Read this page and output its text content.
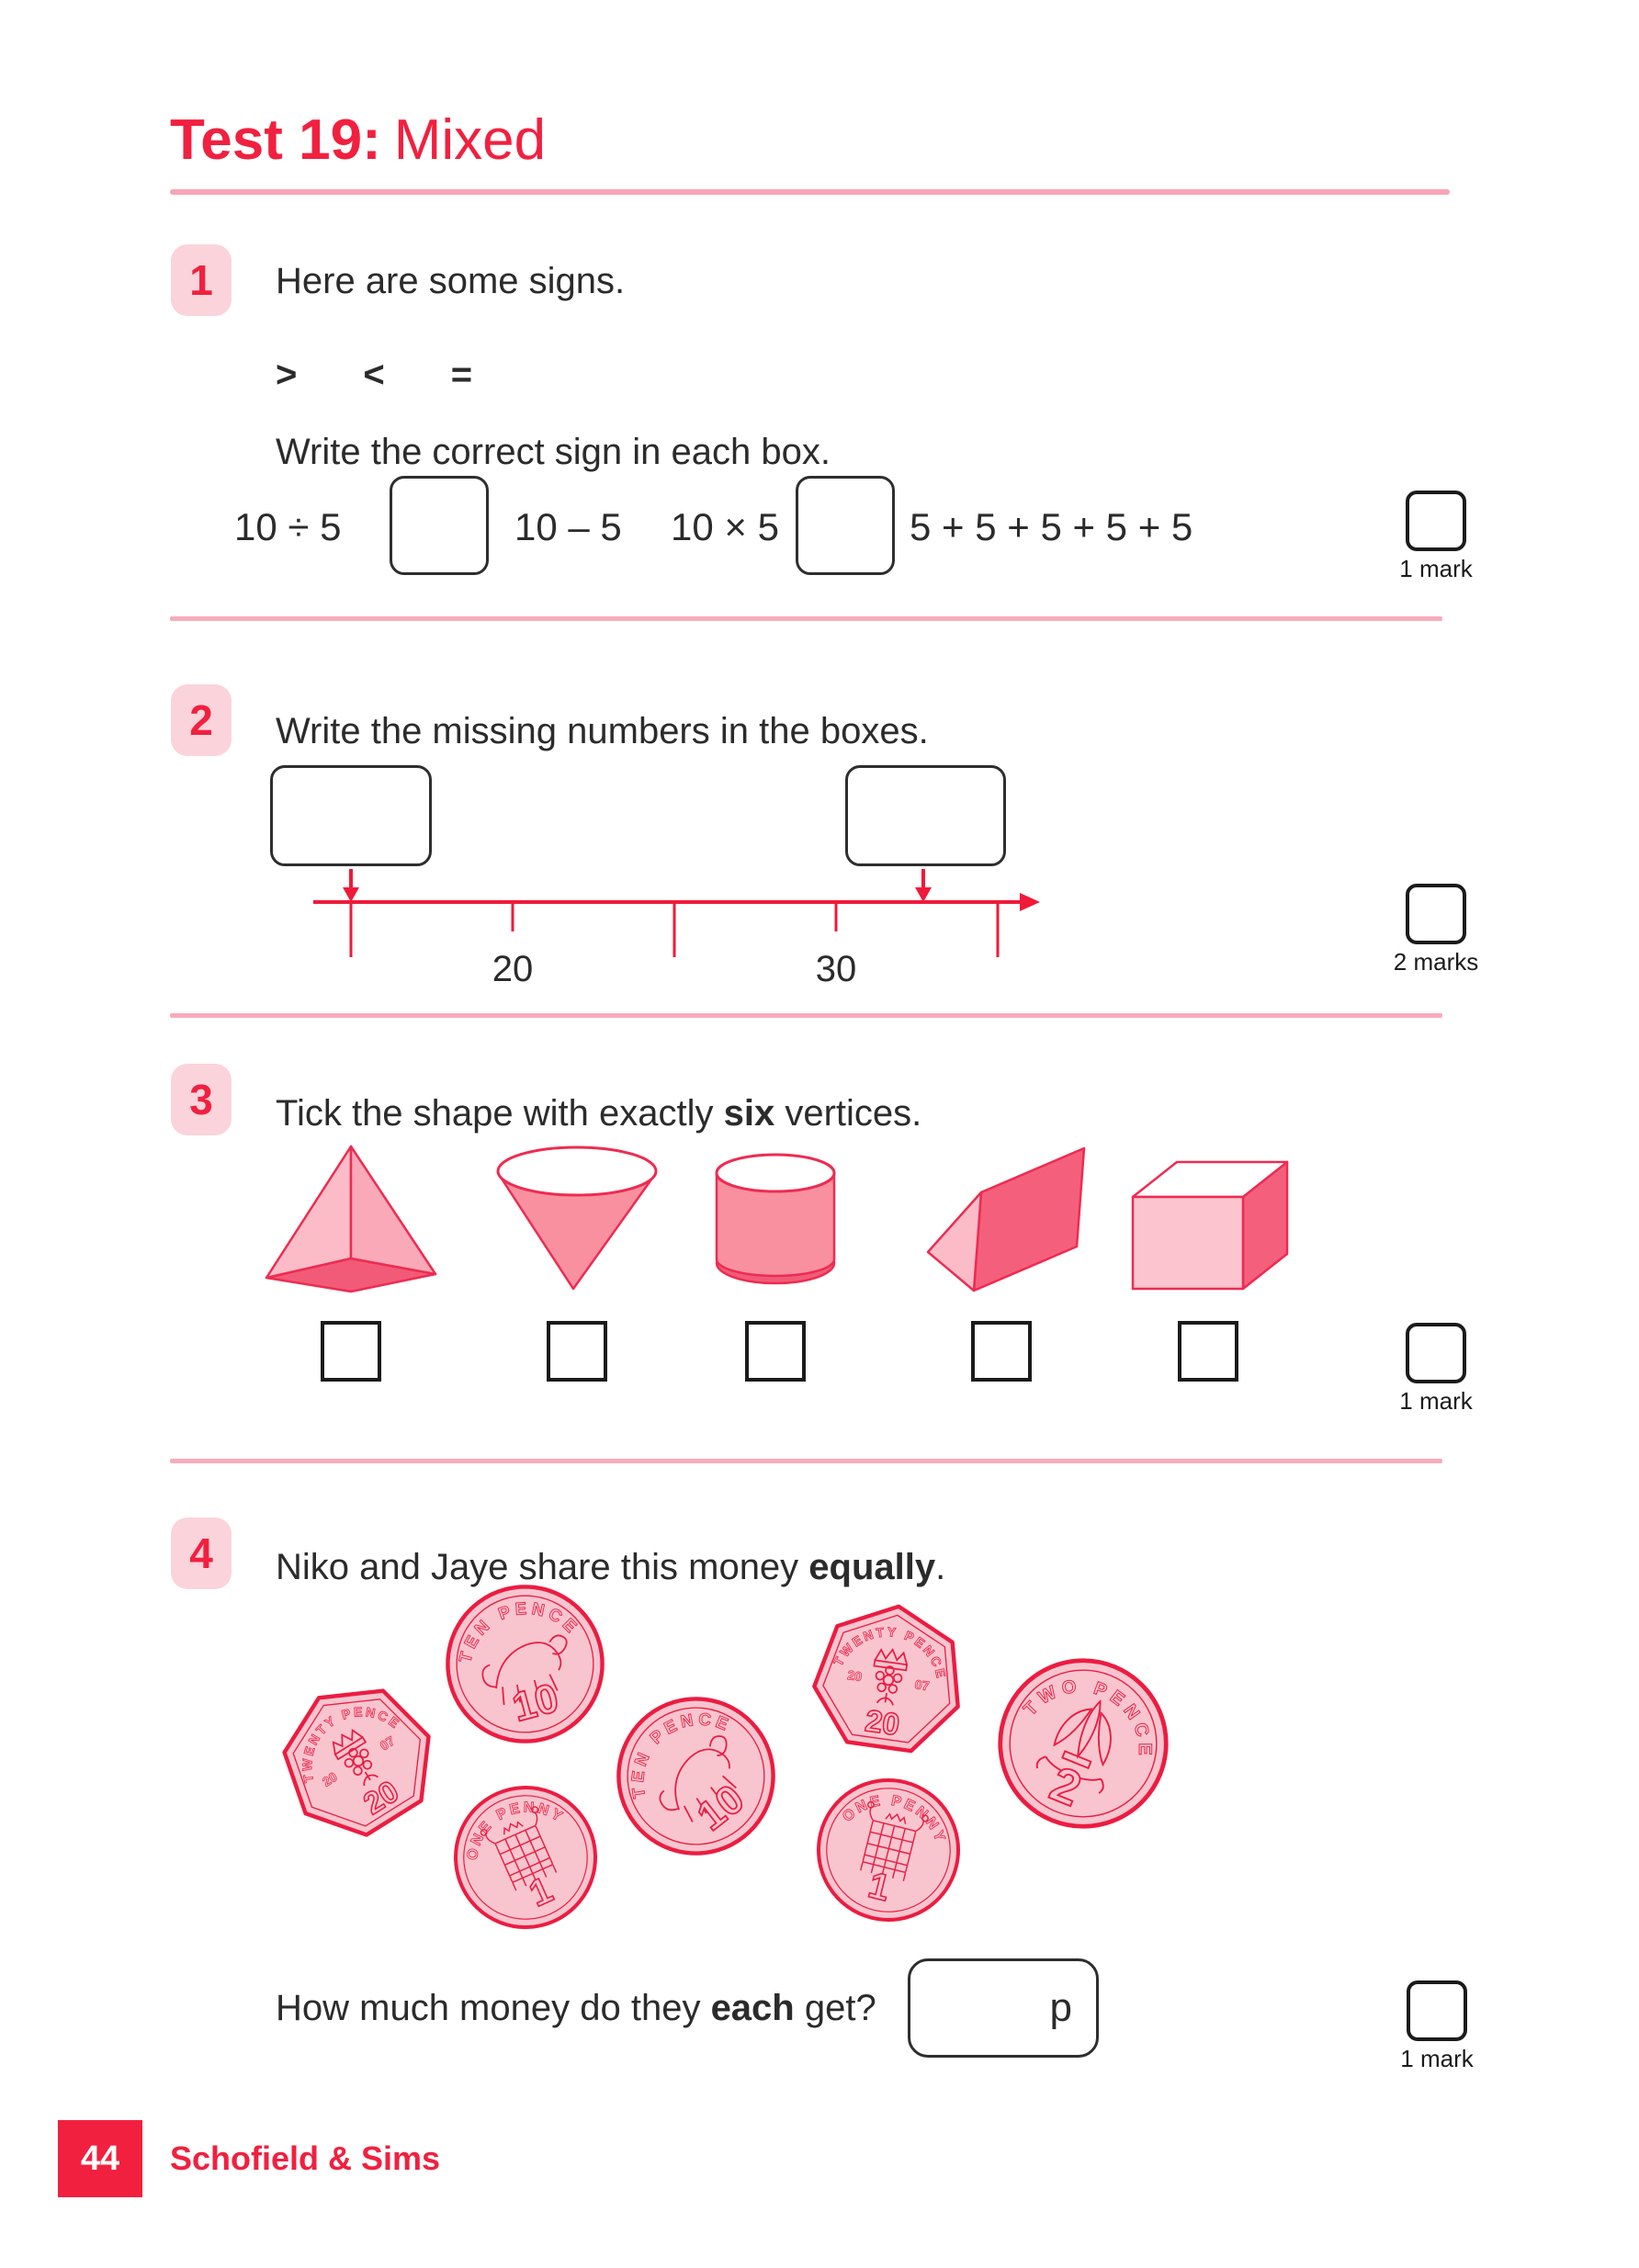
Test 19: Mixed
1	Here are some signs.
> < =
Write the correct sign in each box.
10 ÷ 5	10 – 5 10 × 5	5 + 5 + 5 + 5 + 5
1 mark
2	Write the missing numbers in the boxes.
20	30	2 marks
3	Tick the shape with exactly six vertices.
1 mark
4	Niko and Jaye share this money equally.
TEN PENCE
10
TWENTY PENCE
20
07
20
ONE PENNY
1
TEN PENCE
10
TWENTY PENCE
20
07
20
ONE PENNY
1
TWO PENCE
2
How much money do they each get?	p
1 mark
44	Schofield & Sims
